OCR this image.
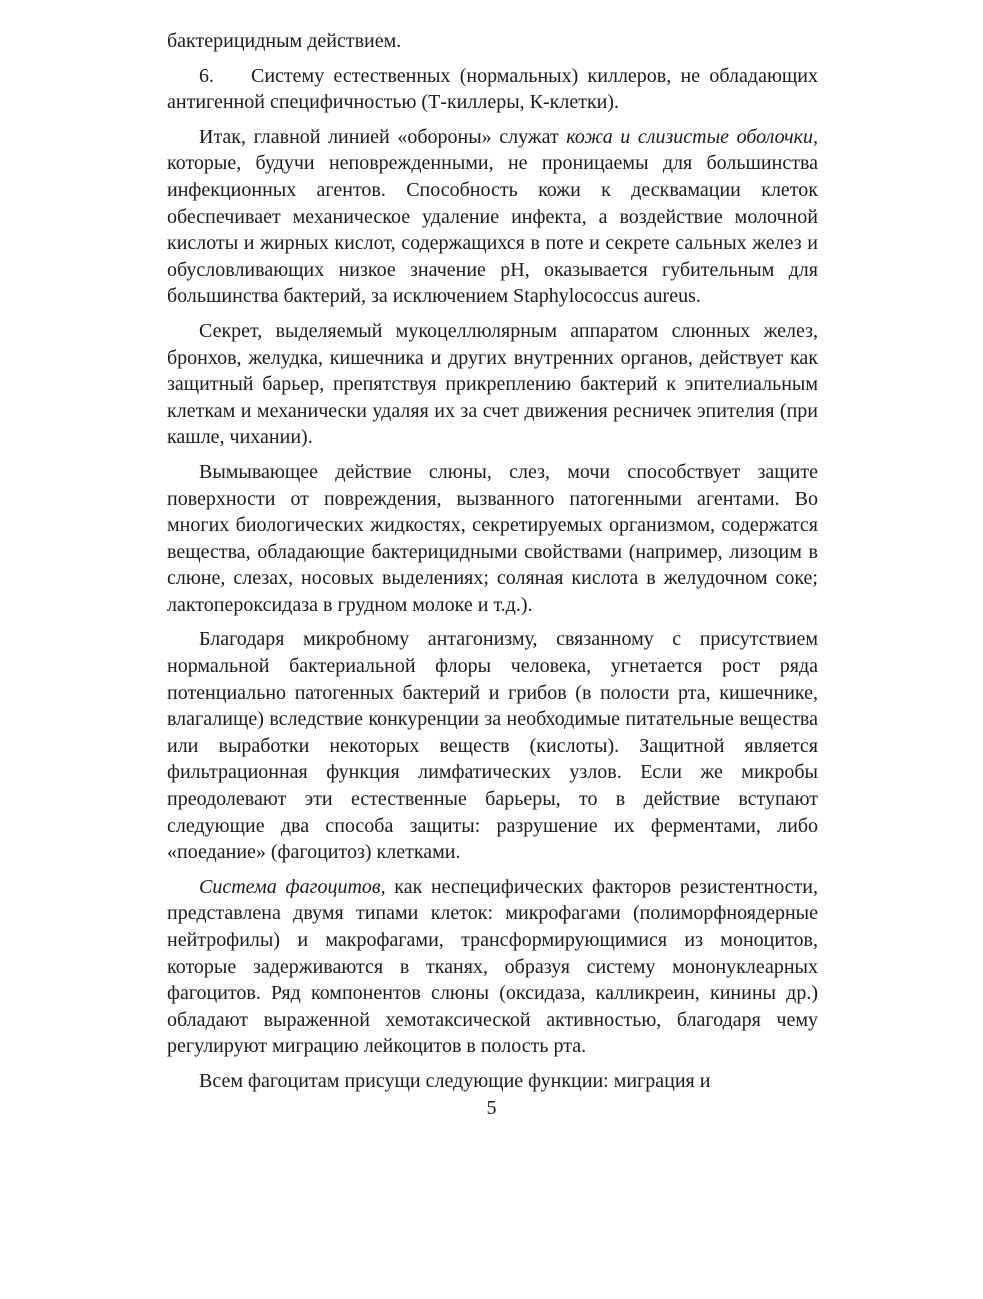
бактерицидным действием.

6. Систему естественных (нормальных) киллеров, не обладающих антигенной специфичностью (Т-киллеры, К-клетки).

Итак, главной линией «обороны» служат кожа и слизистые оболочки, которые, будучи неповрежденными, не проницаемы для большинства инфекционных агентов. Способность кожи к десквамации клеток обеспечивает механическое удаление инфекта, а воздействие молочной кислоты и жирных кислот, содержащихся в поте и секрете сальных желез и обусловливающих низкое значение pH, оказывается губительным для большинства бактерий, за исключением Staphylococcus aureus.

Секрет, выделяемый мукоцеллюлярным аппаратом слюнных желез, бронхов, желудка, кишечника и других внутренних органов, действует как защитный барьер, препятствуя прикреплению бактерий к эпителиальным клеткам и механически удаляя их за счет движения ресничек эпителия (при кашле, чихании).

Вымывающее действие слюны, слез, мочи способствует защите поверхности от повреждения, вызванного патогенными агентами. Во многих биологических жидкостях, секретируемых организмом, содержатся вещества, обладающие бактерицидными свойствами (например, лизоцим в слюне, слезах, носовых выделениях; соляная кислота в желудочном соке; лактопероксидаза в грудном молоке и т.д.).

Благодаря микробному антагонизму, связанному с присутствием нормальной бактериальной флоры человека, угнетается рост ряда потенциально патогенных бактерий и грибов (в полости рта, кишечнике, влагалище) вследствие конкуренции за необходимые питательные вещества или выработки некоторых веществ (кислоты). Защитной является фильтрационная функция лимфатических узлов. Если же микробы преодолевают эти естественные барьеры, то в действие вступают следующие два способа защиты: разрушение их ферментами, либо «поедание» (фагоцитоз) клетками.

Система фагоцитов, как неспецифических факторов резистентности, представлена двумя типами клеток: микрофагами (полиморфноядерные нейтрофилы) и макрофагами, трансформирующимися из моноцитов, которые задерживаются в тканях, образуя систему мононуклеарных фагоцитов. Ряд компонентов слюны (оксидаза, калликреин, кинины др.) обладают выраженной хемотаксической активностью, благодаря чему регулируют миграцию лейкоцитов в полость рта.

Всем фагоцитам присущи следующие функции: миграция и

5
